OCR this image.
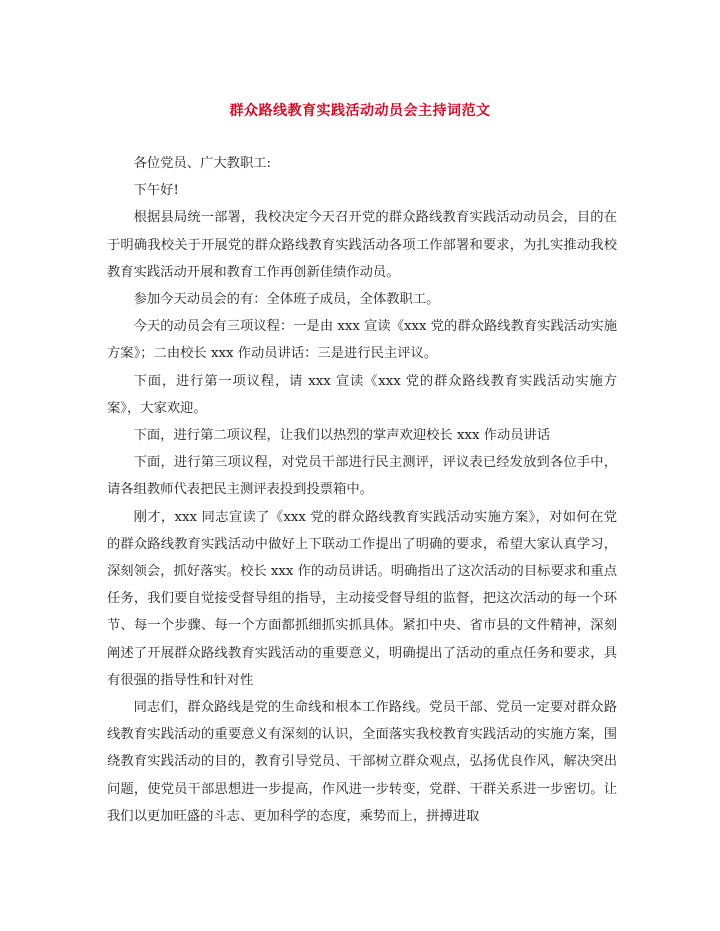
群众路线教育实践活动动员会主持词范文

各位党员、广大教职工:

下午好!

根据县局统一部署，我校决定今天召开党的群众路线教育实践活动动员会，目的在于明确我校关于开展党的群众路线教育实践活动各项工作部署和要求，为扎实推动我校教育实践活动开展和教育工作再创新佳绩作动员。

参加今天动员会的有：全体班子成员，全体教职工。

今天的动员会有三项议程：一是由 xxx 宣读《xxx 党的群众路线教育实践活动实施方案》；二由校长 xxx 作动员讲话：三是进行民主评议。

下面，进行第一项议程，请 xxx 宣读《xxx 党的群众路线教育实践活动实施方案》，大家欢迎。

下面，进行第二项议程，让我们以热烈的掌声欢迎校长 xxx 作动员讲话

下面，进行第三项议程，对党员干部进行民主测评，评议表已经发放到各位手中，请各组教师代表把民主测评表投到投票箱中。

刚才，xxx 同志宣读了《xxx 党的群众路线教育实践活动实施方案》，对如何在党的群众路线教育实践活动中做好上下联动工作提出了明确的要求，希望大家认真学习，深刻领会，抓好落实。校长 xxx 作的动员讲话。明确指出了这次活动的目标要求和重点任务，我们要自觉接受督导组的指导，主动接受督导组的监督，把这次活动的每一个环节、每一个步骤、每一个方面都抓细抓实抓具体。紧扣中央、省市县的文件精神，深刻阐述了开展群众路线教育实践活动的重要意义，明确提出了活动的重点任务和要求，具有很强的指导性和针对性

同志们，群众路线是党的生命线和根本工作路线。党员干部、党员一定要对群众路线教育实践活动的重要意义有深刻的认识，全面落实我校教育实践活动的实施方案，围绕教育实践活动的目的，教育引导党员、干部树立群众观点，弘扬优良作风，解决突出问题，使党员干部思想进一步提高，作风进一步转变，党群、干群关系进一步密切。让我们以更加旺盛的斗志、更加科学的态度，乘势而上，拼搏进取
